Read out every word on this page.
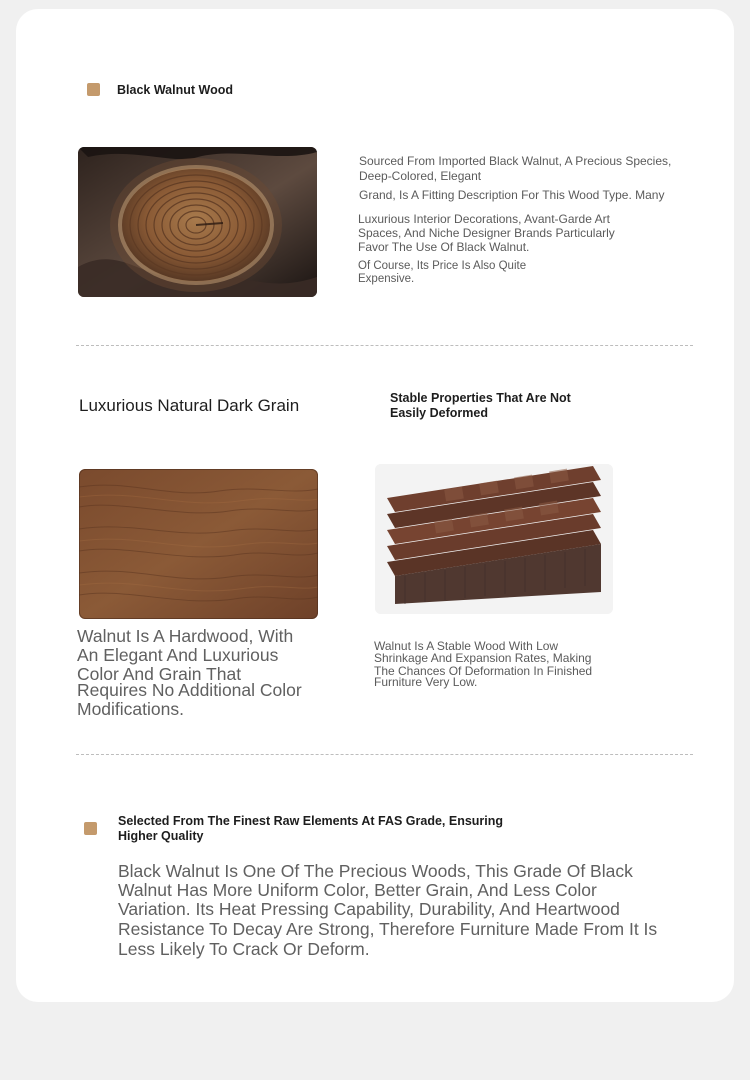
Black Walnut Wood
Sourced From Imported Black Walnut, A Precious Species,
Deep-Colored, Elegant
Grand, Is A Fitting Description For This Wood Type. Many
Luxurious Interior Decorations, Avant-Garde Art
Spaces, And Niche Designer Brands Particularly
Favor The Use Of Black Walnut.
Of Course, Its Price Is Also Quite
Expensive.
Luxurious Natural Dark Grain	Stable Properties That Are Not
Easily Deformed
Walnut Is A Hardwood, With
An Elegant And Luxurious
Color And Grain That
Requires No Additional Color
Modifications.
Walnut Is A Stable Wood With Low
Shrinkage And Expansion Rates, Making
The Chances Of Deformation In Finished
Furniture Very Low.
Selected From The Finest Raw Elements At FAS Grade, Ensuring
Higher Quality
Black Walnut Is One Of The Precious Woods, This Grade Of Black
Walnut Has More Uniform Color, Better Grain, And Less Color
Variation. Its Heat Pressing Capability, Durability, And Heartwood
Resistance To Decay Are Strong, Therefore Furniture Made From It Is
Less Likely To Crack Or Deform.
